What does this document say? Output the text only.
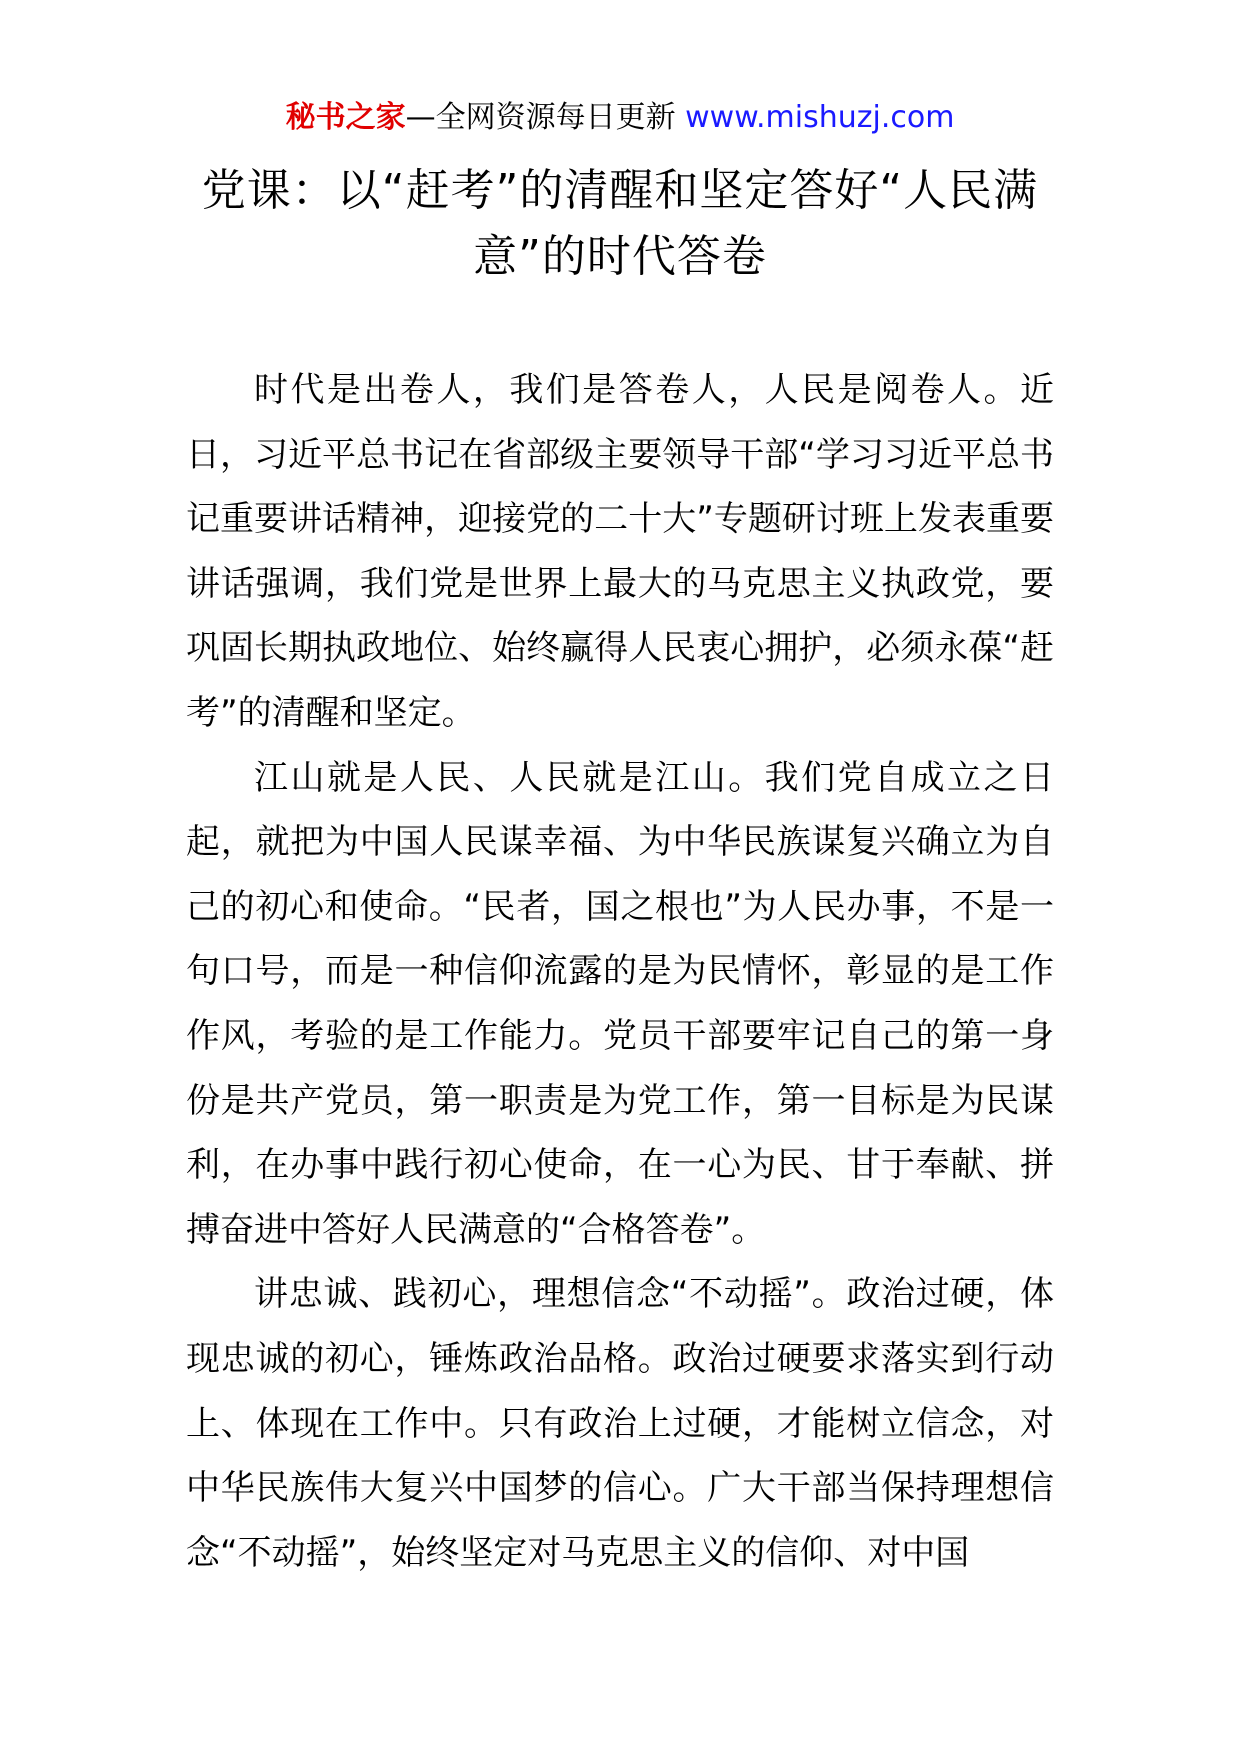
秘书之家—全网资源每日更新 www.mishuzj.com
党课：以“赶考”的清醒和坚定答好“人民满意”的时代答卷

时代是出卷人，我们是答卷人，人民是阅卷人。近日，习近平总书记在省部级主要领导干部“学习习近平总书记重要讲话精神，迎接党的二十大”专题研讨班上发表重要讲话强调，我们党是世界上最大的马克思主义执政党，要巩固长期执政地位、始终赢得人民衷心拥护，必须永葆“赶考”的清醒和坚定。

江山就是人民、人民就是江山。我们党自成立之日起，就把为中国人民谋幸福、为中华民族谋复兴确立为自己的初心和使命。“民者，国之根也”为人民办事，不是一句口号，而是一种信仰流露的是为民情怀，彰显的是工作作风，考验的是工作能力。党员干部要牢记自己的第一身份是共产党员，第一职责是为党工作，第一目标是为民谋利，在办事中践行初心使命，在一心为民、甘于奉献、拼搏奋进中答好人民满意的“合格答卷”。

讲忠诚、践初心，理想信念“不动摇”。政治过硬，体现忠诚的初心，锤炼政治品格。政治过硬要求落实到行动上、体现在工作中。只有政治上过硬，才能树立信念，对中华民族伟大复兴中国梦的信心。广大干部当保持理想信念“不动摇”，始终坚定对马克思主义的信仰、对中国
